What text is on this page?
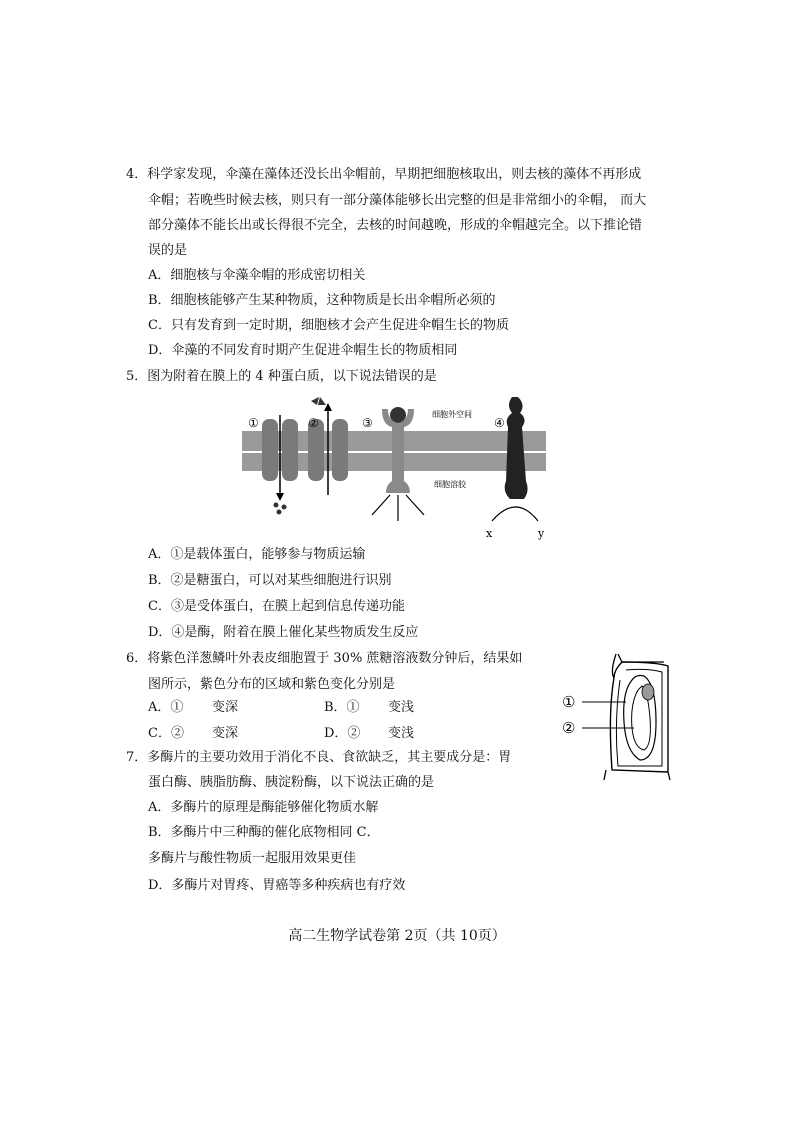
4．科学家发现，伞藻在藻体还没长出伞帽前，早期把细胞核取出，则去核的藻体不再形成
伞帽；若晚些时候去核，则只有一部分藻体能够长出完整的但是非常细小的伞帽， 而大
部分藻体不能长出或长得很不完全，去核的时间越晚，形成的伞帽越完全。以下推论错
误的是
A．细胞核与伞藻伞帽的形成密切相关
B．细胞核能够产生某种物质，这种物质是长出伞帽所必须的
C．只有发育到一定时期，细胞核才会产生促进伞帽生长的物质
D．伞藻的不同发育时期产生促进伞帽生长的物质相同
5．图为附着在膜上的 4 种蛋白质，以下说法错误的是
①	②	③	④
细胞外空间
细胞溶胶
x	y
A．①是载体蛋白，能够参与物质运输
B．②是糖蛋白，可以对某些细胞进行识别
C．③是受体蛋白，在膜上起到信息传递功能
D．④是酶，附着在膜上催化某些物质发生反应
6．将紫色洋葱鳞叶外表皮细胞置于 30% 蔗糖溶液数分钟后，结果如
图所示，紫色分布的区域和紫色变化分别是
A．① 变深	B．① 变浅
C．② 变深	D．② 变浅
①
②
7．多酶片的主要功效用于消化不良、食欲缺乏，其主要成分是：胃
蛋白酶、胰脂肪酶、胰淀粉酶，以下说法正确的是
A．多酶片的原理是酶能够催化物质水解
B．多酶片中三种酶的催化底物相同 C．
多酶片与酸性物质一起服用效果更佳
D．多酶片对胃疼、胃癌等多种疾病也有疗效
高二生物学试卷第 2页（共 10页）
